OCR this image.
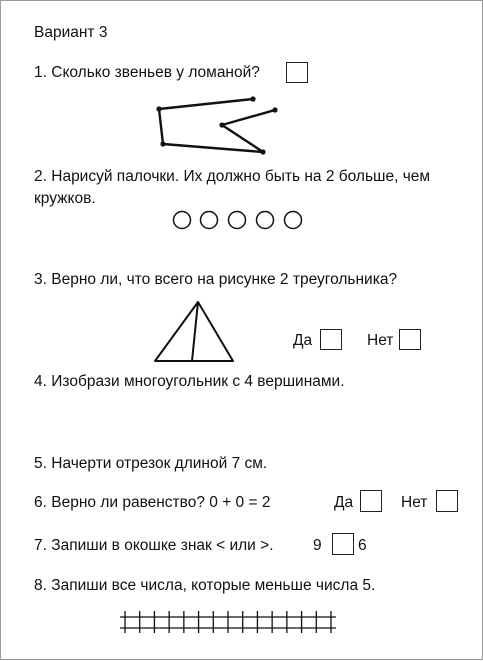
Вариант 3
1. Сколько звеньев у ломаной?
2. Нарисуй палочки. Их должно быть на 2 больше, чем кружков.
3. Верно ли, что всего на рисунке 2 треугольника?
Да	Нет
4. Изобрази многоугольник с 4 вершинами.
5. Начерти отрезок длиной 7 см.
6. Верно ли равенство? 0 + 0 = 2	Да	Нет
7. Запиши в окошке знак < или >.	9 6
8. Запиши все числа, которые меньше числа 5.
